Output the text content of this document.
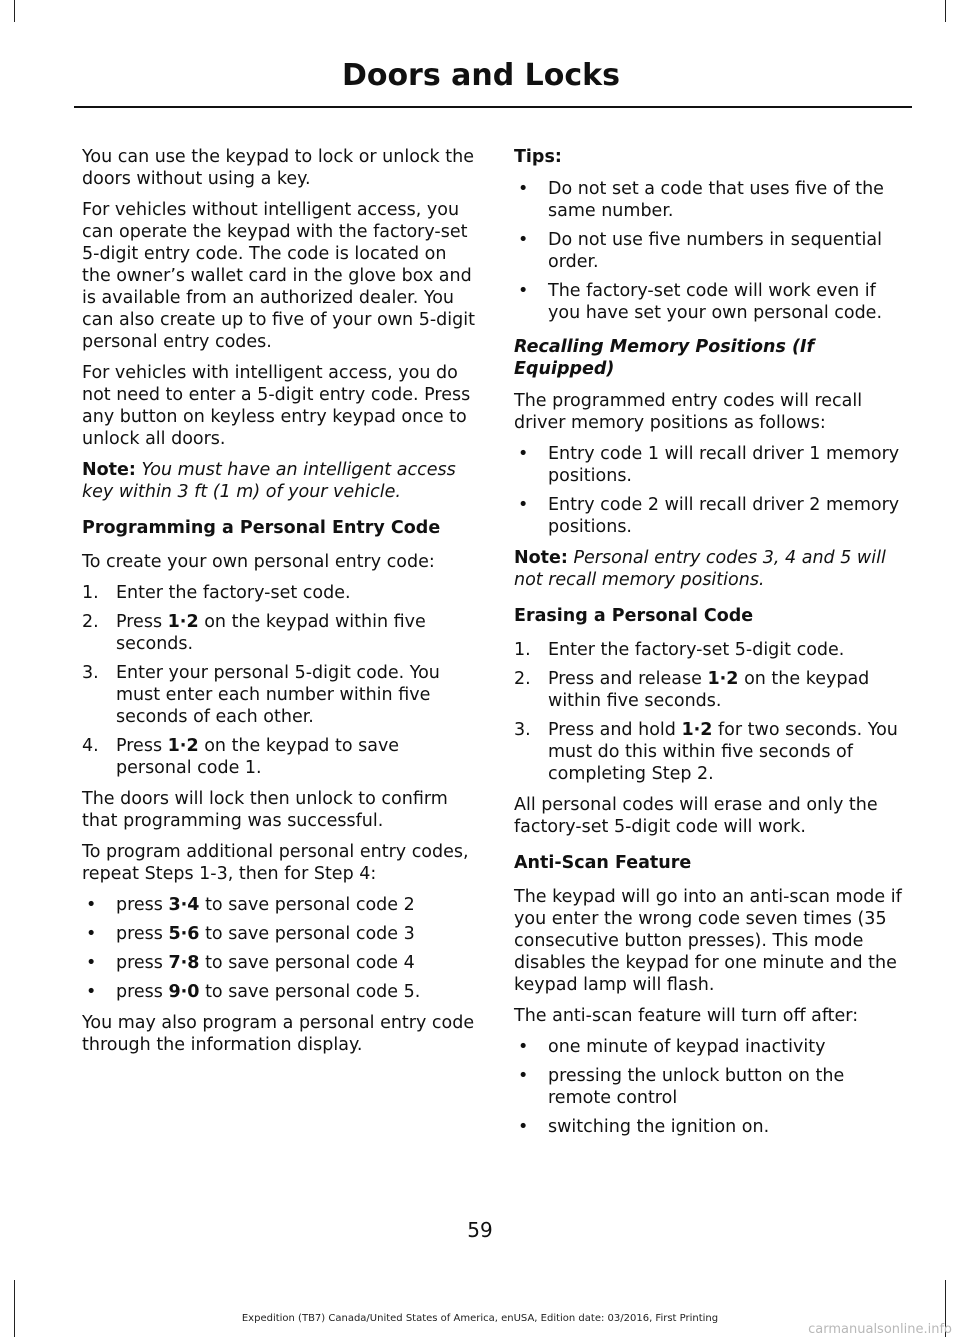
Doors and Locks

You can use the keypad to lock or unlock the doors without using a key.

For vehicles without intelligent access, you can operate the keypad with the factory-set 5-digit entry code. The code is located on the owner’s wallet card in the glove box and is available from an authorized dealer. You can also create up to five of your own 5-digit personal entry codes.

For vehicles with intelligent access, you do not need to enter a 5-digit entry code. Press any button on keyless entry keypad once to unlock all doors.

Note: You must have an intelligent access key within 3 ft (1 m) of your vehicle.

Programming a Personal Entry Code

To create your own personal entry code:

1. Enter the factory-set code.
2. Press 1·2 on the keypad within five seconds.
3. Enter your personal 5-digit code. You must enter each number within five seconds of each other.
4. Press 1·2 on the keypad to save personal code 1.

The doors will lock then unlock to confirm that programming was successful.

To program additional personal entry codes, repeat Steps 1-3, then for Step 4:

• press 3·4 to save personal code 2
• press 5·6 to save personal code 3
• press 7·8 to save personal code 4
• press 9·0 to save personal code 5.

You may also program a personal entry code through the information display.

Tips:
• Do not set a code that uses five of the same number.
• Do not use five numbers in sequential order.
• The factory-set code will work even if you have set your own personal code.
Recalling Memory Positions (If Equipped)

The programmed entry codes will recall driver memory positions as follows:

• Entry code 1 will recall driver 1 memory positions.
• Entry code 2 will recall driver 2 memory positions.

Note: Personal entry codes 3, 4 and 5 will not recall memory positions.

Erasing a Personal Code
1. Enter the factory-set 5-digit code.
2. Press and release 1·2 on the keypad within five seconds.
3. Press and hold 1·2 for two seconds. You must do this within five seconds of completing Step 2.

All personal codes will erase and only the factory-set 5-digit code will work.

Anti-Scan Feature

The keypad will go into an anti-scan mode if you enter the wrong code seven times (35 consecutive button presses). This mode disables the keypad for one minute and the keypad lamp will flash.

The anti-scan feature will turn off after:

• one minute of keypad inactivity
• pressing the unlock button on the remote control
• switching the ignition on.
59
Expedition (TB7) Canada/United States of America, enUSA, Edition date: 03/2016, First Printing
carmanualsonline.info
